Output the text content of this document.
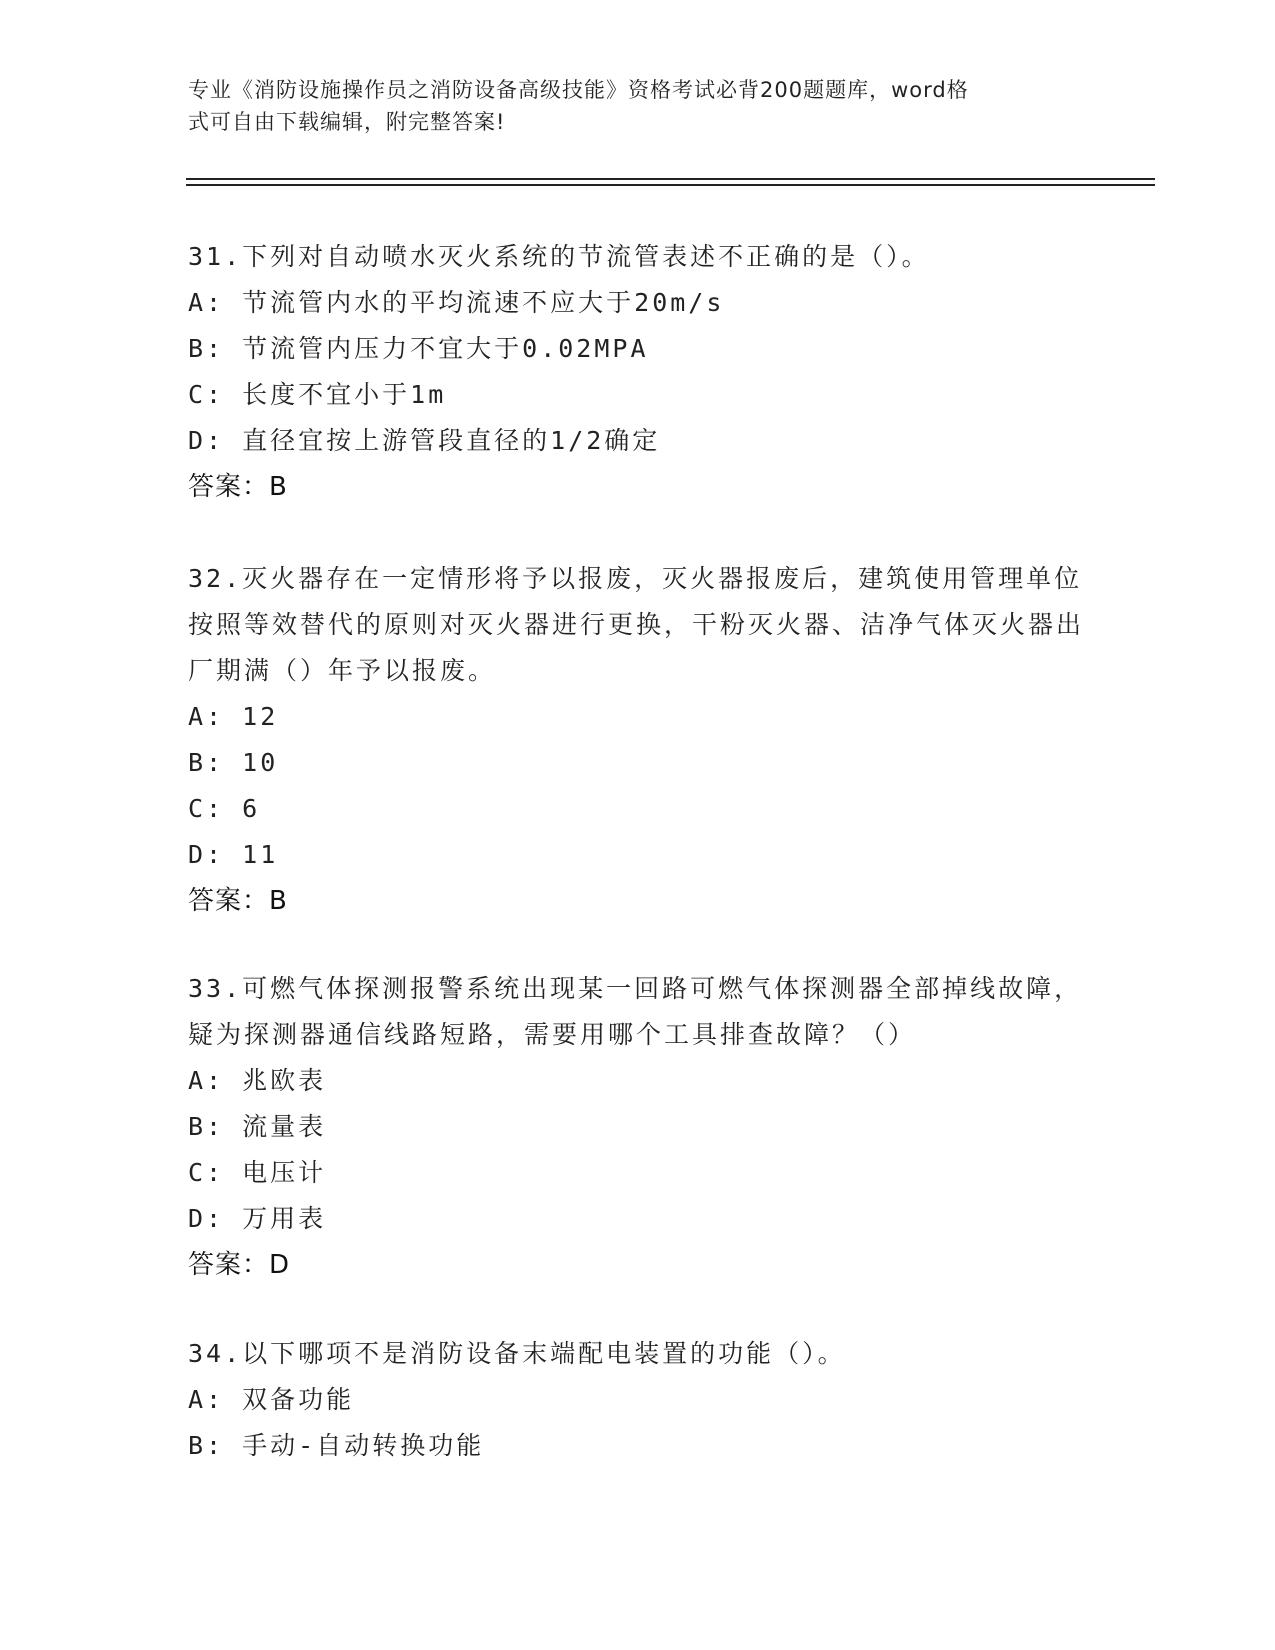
专业《消防设施操作员之消防设备高级技能》资格考试必背200题题库，word格
式可自由下载编辑，附完整答案!

31.下列对自动喷水灭火系统的节流管表述不正确的是（）。

A: 节流管内水的平均流速不应大于20m/s

B: 节流管内压力不宜大于0.02MPA

C: 长度不宜小于1m

D: 直径宜按上游管段直径的1/2确定

答案：B

32.灭火器存在一定情形将予以报废，灭火器报废后，建筑使用管理单位按照等效替代的原则对灭火器进行更换，干粉灭火器、洁净气体灭火器出厂期满（）年予以报废。

A: 12

B: 10

C: 6

D: 11

答案：B

33.可燃气体探测报警系统出现某一回路可燃气体探测器全部掉线故障，疑为探测器通信线路短路，需要用哪个工具排查故障？（）

A: 兆欧表

B: 流量表

C: 电压计

D: 万用表

答案：D

34.以下哪项不是消防设备末端配电装置的功能（）。

A: 双备功能

B: 手动-自动转换功能
